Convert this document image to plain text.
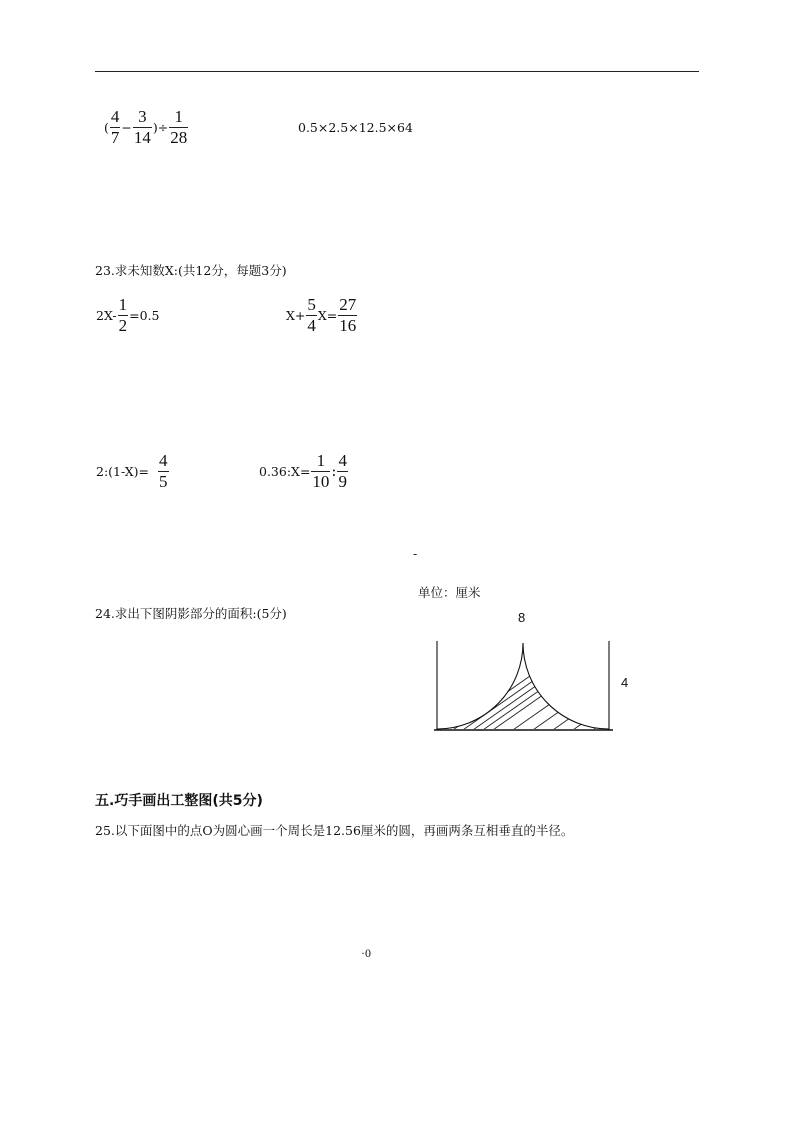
( $\frac{4}{7} - \frac{3}{14}$ )÷ $\frac{1}{28}$	0.5×2.5×12.5×64
23.求未知数X:(共12分，每题3分)
$2X- \frac{1}{2} =0.5$	$X+ \frac{5}{4} X= \frac{27}{16}$
2:(1-X)= $\frac{4}{5}$	0.36:X= $\frac{1}{10}$ : $\frac{4}{9}$
-
单位：厘米
24.求出下图阴影部分的面积:(5分)	8
4
五.巧手画出工整图(共5分)
25.以下面图中的点O为圆心画一个周长是12.56厘米的圆，再画两条互相垂直的半径。
·0
